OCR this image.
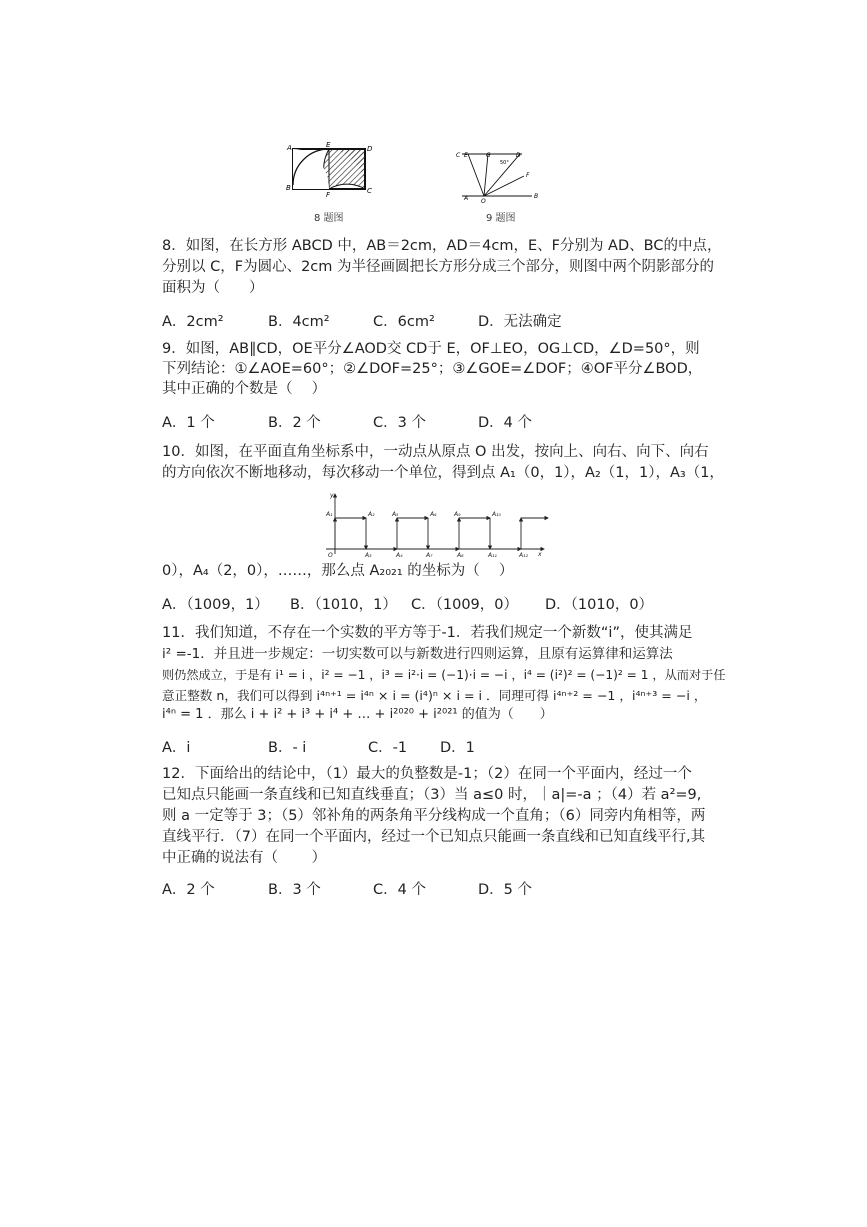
A	E	D
B
F	C
8 题图
C E	G	D
50°
F
A O
B
9 题图
8．如图，在长方形 ABCD 中，AB＝2cm，AD＝4cm，E、F分别为 AD、BC的中点，
分别以 C，F为圆心、2cm 为半径画圆把长方形分成三个部分，则图中两个阴影部分的
面积为（　　）
A．2cm²	B．4cm²	C．6cm²	D．无法确定
9．如图，AB∥CD，OE平分∠AOD交 CD于 E，OF⊥EO，OG⊥CD，∠D=50°，则
下列结论：①∠AOE=60°；②∠DOF=25°；③∠GOE=∠DOF；④OF平分∠BOD，
其中正确的个数是（　 ）
A．1 个	B．2 个	C．3 个	D．4 个
10．如图，在平面直角坐标系中，一动点从原点 O 出发，按向上、向右、向下、向右
的方向依次不断地移动，每次移动一个单位，得到点 A₁（0，1），A₂（1，1），A₃（1，
y
A₁	A₂	A₅	A₆	A₉	A₁₀
O	A₃	A₄	A₇	A₈	A₁₁	A₁₂ x
0），A₄（2，0），……，那么点 A₂₀₂₁ 的坐标为（　 ）
A．（1009，1） B．（1010，1） C．（1009，0） D．（1010，0）
11．我们知道，不存在一个实数的平方等于-1．若我们规定一个新数“i”，使其满足
i² =-1．并且进一步规定：一切实数可以与新数进行四则运算，且原有运算律和运算法
则仍然成立，于是有 i¹ = i ，i² = −1 ，i³ = i²·i = (−1)·i = −i ，i⁴ = (i²)² = (−1)² = 1 ，从而对于任
意正整数 n，我们可以得到 i⁴ⁿ⁺¹ = i⁴ⁿ × i = (i⁴)ⁿ × i = i ．同理可得 i⁴ⁿ⁺² = −1 ，i⁴ⁿ⁺³ = −i ，
i⁴ⁿ = 1 ．那么 i + i² + i³ + i⁴ + … + i²⁰²⁰ + i²⁰²¹ 的值为（　　）
A．i	B．- i	C．-1 D．1
12．下面给出的结论中，（1）最大的负整数是-1；（2）在同一个平面内，经过一个
已知点只能画一条直线和已知直线垂直；（3）当 a≤0 时，｜a|=-a ；（4）若 a²=9,
则 a 一定等于 3；（5）邻补角的两条角平分线构成一个直角；（6）同旁内角相等，两
直线平行．（7）在同一个平面内，经过一个已知点只能画一条直线和已知直线平行,其
中正确的说法有（　　 ）
A．2 个	B．3 个	C．4 个	D．5 个
